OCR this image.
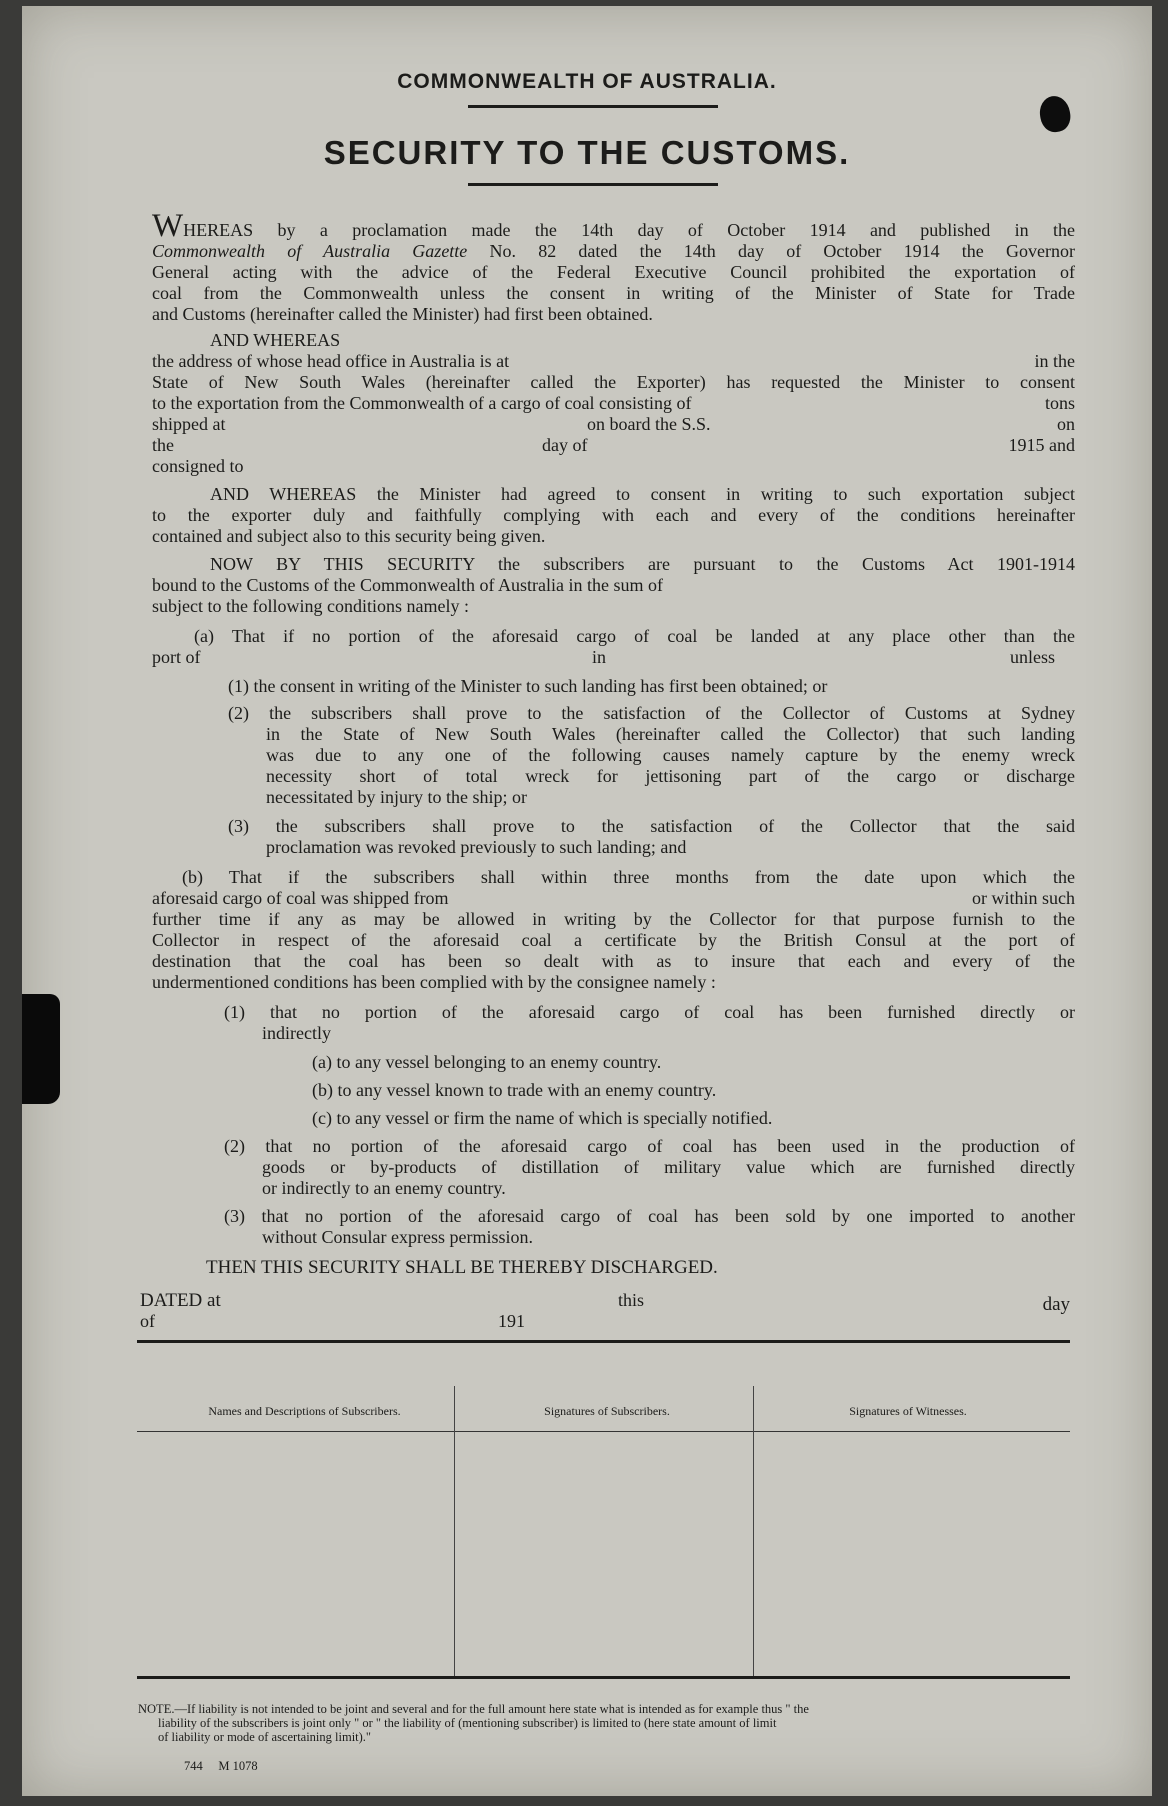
COMMONWEALTH OF AUSTRALIA.
SECURITY TO THE CUSTOMS.
WHEREAS by a proclamation made the 14th day of October 1914 and published in the
Commonwealth of Australia Gazette No. 82 dated the 14th day of October 1914 the Governor
General acting with the advice of the Federal Executive Council prohibited the exportation of
coal from the Commonwealth unless the consent in writing of the Minister of State for Trade
and Customs (hereinafter called the Minister) had first been obtained.
AND WHEREAS
the address of whose head office in Australia is at	in the
State of New South Wales (hereinafter called the Exporter) has requested the Minister to consent
to the exportation from the Commonwealth of a cargo of coal consisting of	tons
shipped at	on board the S.S.	on
the	day of	1915 and
consigned to
AND WHEREAS the Minister had agreed to consent in writing to such exportation subject
to the exporter duly and faithfully complying with each and every of the conditions hereinafter
contained and subject also to this security being given.
NOW BY THIS SECURITY the subscribers are pursuant to the Customs Act 1901-1914
bound to the Customs of the Commonwealth of Australia in the sum of
subject to the following conditions namely :
(a) That if no portion of the aforesaid cargo of coal be landed at any place other than the
port of	in	unless
(1) the consent in writing of the Minister to such landing has first been obtained; or
(2) the subscribers shall prove to the satisfaction of the Collector of Customs at Sydney
in the State of New South Wales (hereinafter called the Collector) that such landing
was due to any one of the following causes namely capture by the enemy wreck
necessity short of total wreck for jettisoning part of the cargo or discharge
necessitated by injury to the ship; or
(3) the subscribers shall prove to the satisfaction of the Collector that the said
proclamation was revoked previously to such landing; and
(b) That if the subscribers shall within three months from the date upon which the
aforesaid cargo of coal was shipped from	or within such
further time if any as may be allowed in writing by the Collector for that purpose furnish to the
Collector in respect of the aforesaid coal a certificate by the British Consul at the port of
destination that the coal has been so dealt with as to insure that each and every of the
undermentioned conditions has been complied with by the consignee namely :
(1) that no portion of the aforesaid cargo of coal has been furnished directly or
indirectly
(a) to any vessel belonging to an enemy country.
(b) to any vessel known to trade with an enemy country.
(c) to any vessel or firm the name of which is specially notified.
(2) that no portion of the aforesaid cargo of coal has been used in the production of
goods or by-products of distillation of military value which are furnished directly
or indirectly to an enemy country.
(3) that no portion of the aforesaid cargo of coal has been sold by one imported to another
without Consular express permission.
THEN THIS SECURITY SHALL BE THEREBY DISCHARGED.
DATED at	this	day
of	191
Names and Descriptions of Subscribers.	Signatures of Subscribers.	Signatures of Witnesses.
NOTE.—If liability is not intended to be joint and several and for the full amount here state what is intended as for example thus " the
liability of the subscribers is joint only " or " the liability of (mentioning subscriber) is limited to (here state amount of limit
of liability or mode of ascertaining limit)."
744     M 1078
